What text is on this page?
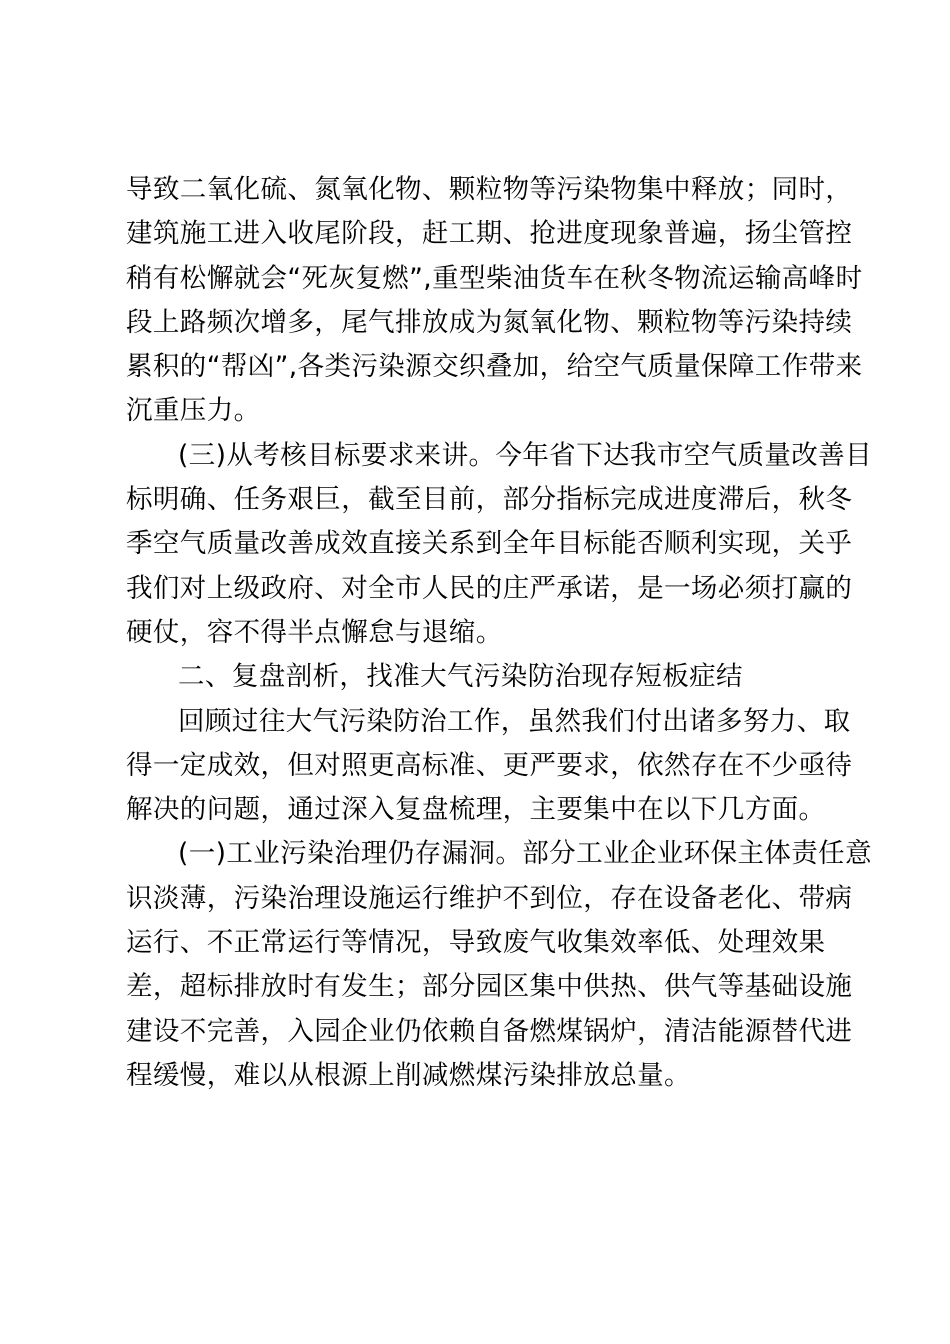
导致二氧化硫、氮氧化物、颗粒物等污染物集中释放；同时，
建筑施工进入收尾阶段，赶工期、抢进度现象普遍，扬尘管控
稍有松懈就会“死灰复燃”,重型柴油货车在秋冬物流运输高峰时
段上路频次增多，尾气排放成为氮氧化物、颗粒物等污染持续
累积的“帮凶”,各类污染源交织叠加，给空气质量保障工作带来
沉重压力。
(三)从考核目标要求来讲。今年省下达我市空气质量改善目
标明确、任务艰巨，截至目前，部分指标完成进度滞后，秋冬
季空气质量改善成效直接关系到全年目标能否顺利实现，关乎
我们对上级政府、对全市人民的庄严承诺，是一场必须打赢的
硬仗，容不得半点懈怠与退缩。
二、复盘剖析，找准大气污染防治现存短板症结
回顾过往大气污染防治工作，虽然我们付出诸多努力、取
得一定成效，但对照更高标准、更严要求，依然存在不少亟待
解决的问题，通过深入复盘梳理，主要集中在以下几方面。
(一)工业污染治理仍存漏洞。部分工业企业环保主体责任意
识淡薄，污染治理设施运行维护不到位，存在设备老化、带病
运行、不正常运行等情况，导致废气收集效率低、处理效果
差，超标排放时有发生；部分园区集中供热、供气等基础设施
建设不完善，入园企业仍依赖自备燃煤锅炉，清洁能源替代进
程缓慢，难以从根源上削减燃煤污染排放总量。
